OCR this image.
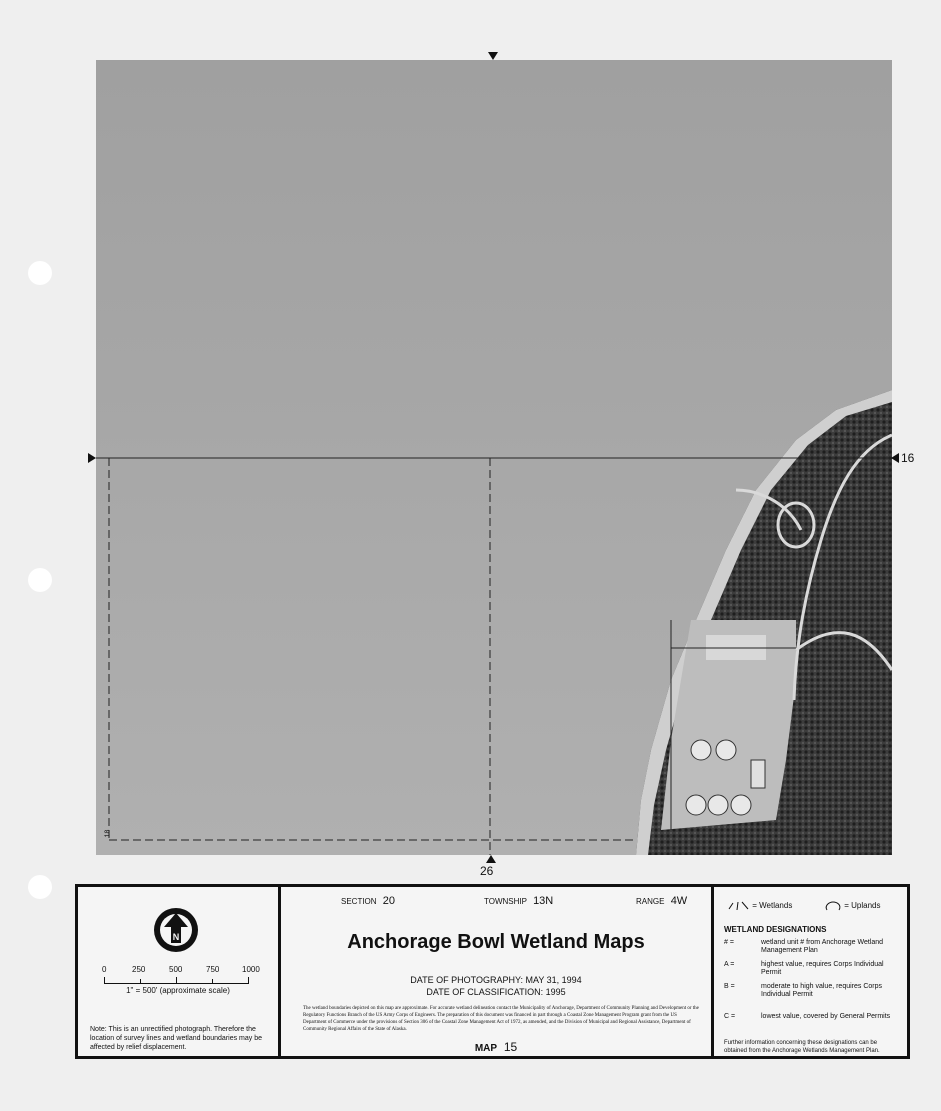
18
16
26
N
0	250	500	750	1000
1" = 500' (approximate scale)
Note: This is an unrectified photograph. Therefore the location of survey lines and wetland boundaries may be affected by relief displacement.
SECTION 20	TOWNSHIP 13N	RANGE 4W
Anchorage Bowl Wetland Maps
DATE OF PHOTOGRAPHY: MAY 31, 1994
DATE OF CLASSIFICATION: 1995
The wetland boundaries depicted on this map are approximate. For accurate wetland delineation contact the Municipality of Anchorage, Department of Community Planning and Development or the Regulatory Functions Branch of the US Army Corps of Engineers. The preparation of this document was financed in part through a Coastal Zone Management Program grant from the US Department of Commerce under the provisions of Section 306 of the Coastal Zone Management Act of 1972, as amended, and the Division of Municipal and Regional Assistance, Department of Community Regional Affairs of the State of Alaska.
MAP 15
= Wetlands	= Uplands
WETLAND DESIGNATIONS
# =	wetland unit # from Anchorage Wetland Management Plan
A =	highest value, requires Corps Individual Permit
B =	moderate to high value, requires Corps Individual Permit
C =	lowest value, covered by General Permits
Further information concerning these designations can be obtained from the Anchorage Wetlands Management Plan.
